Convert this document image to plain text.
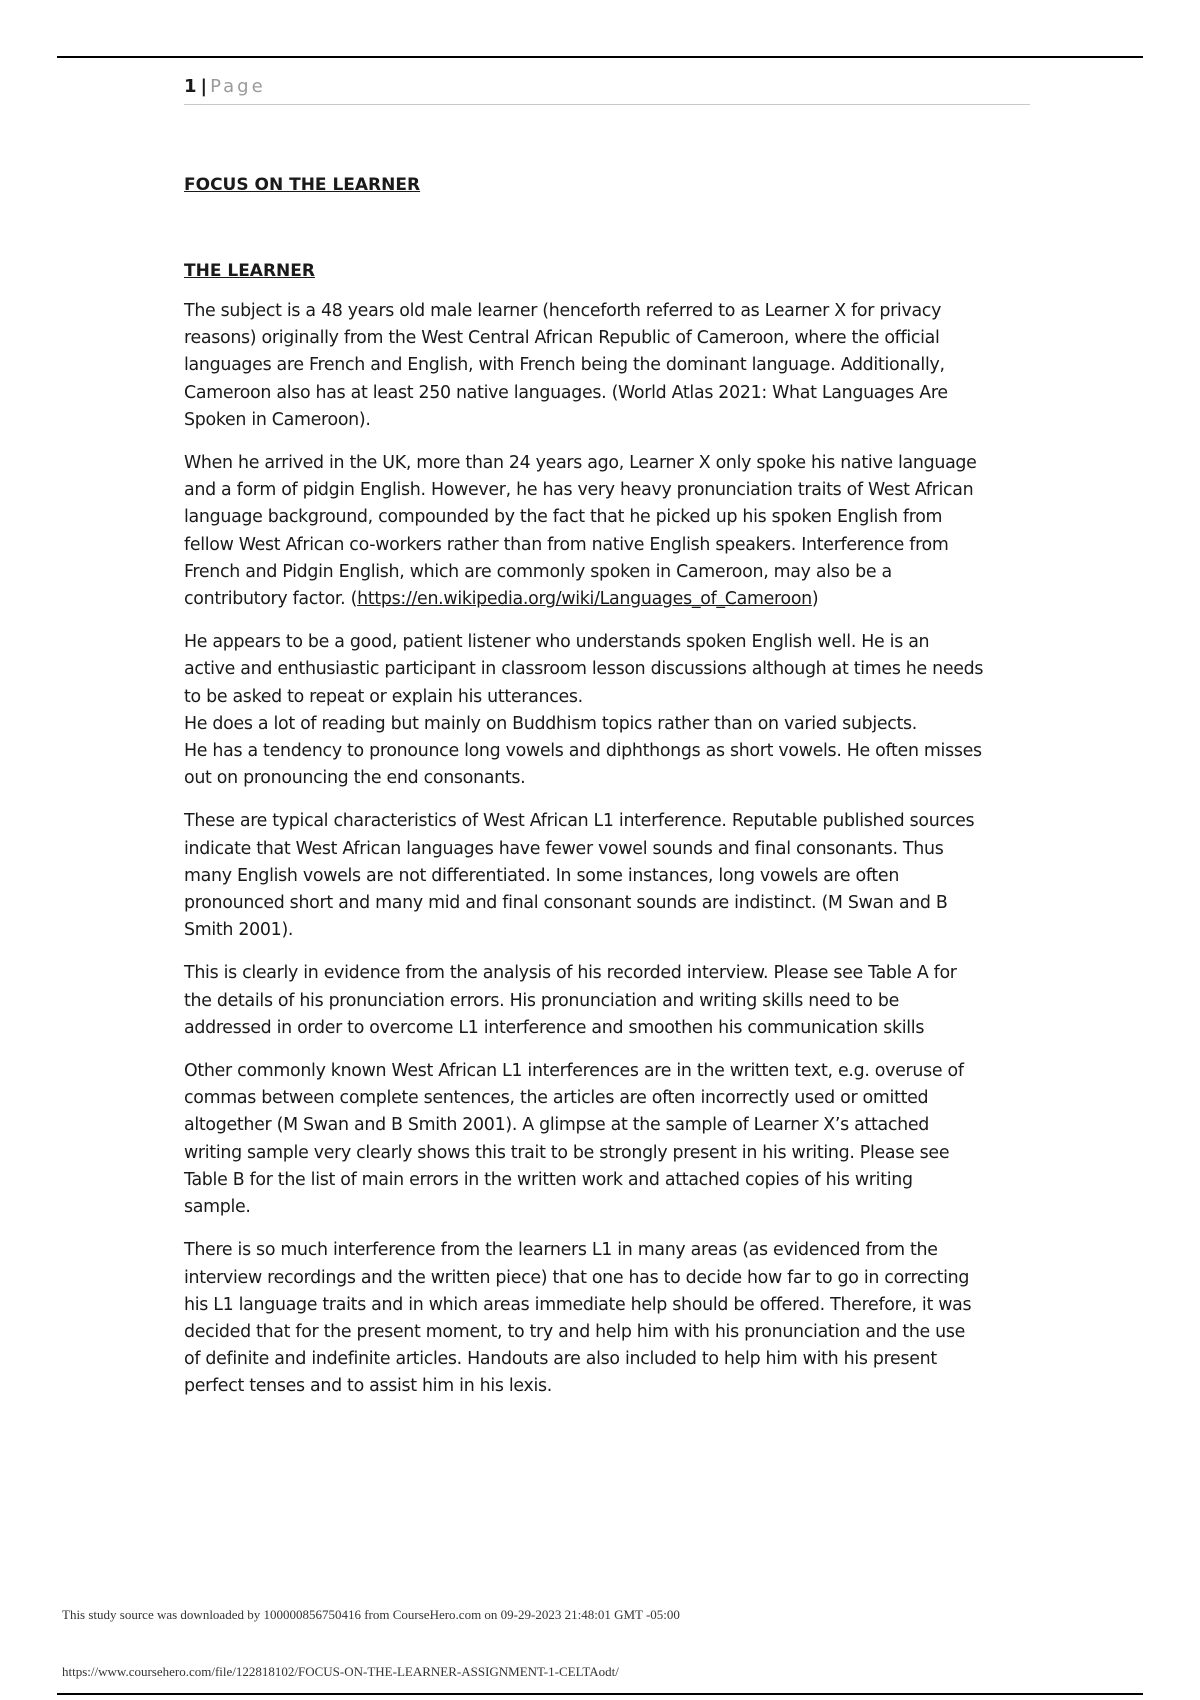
1 | Page
FOCUS ON THE LEARNER
THE LEARNER

The subject is a 48 years old male learner (henceforth referred to as Learner X for privacy
reasons) originally from the West Central African Republic of Cameroon, where the official
languages are French and English, with French being the dominant language. Additionally,
Cameroon also has at least 250 native languages. (World Atlas 2021: What Languages Are
Spoken in Cameroon).

When he arrived in the UK, more than 24 years ago, Learner X only spoke his native language
and a form of pidgin English. However, he has very heavy pronunciation traits of West African
language background, compounded by the fact that he picked up his spoken English from
fellow West African co-workers rather than from native English speakers. Interference from
French and Pidgin English, which are commonly spoken in Cameroon, may also be a
contributory factor. (https://en.wikipedia.org/wiki/Languages_of_Cameroon)

He appears to be a good, patient listener who understands spoken English well. He is an
active and enthusiastic participant in classroom lesson discussions although at times he needs
to be asked to repeat or explain his utterances.
He does a lot of reading but mainly on Buddhism topics rather than on varied subjects.
He has a tendency to pronounce long vowels and diphthongs as short vowels. He often misses
out on pronouncing the end consonants.

These are typical characteristics of West African L1 interference. Reputable published sources
indicate that West African languages have fewer vowel sounds and final consonants. Thus
many English vowels are not differentiated. In some instances, long vowels are often
pronounced short and many mid and final consonant sounds are indistinct. (M Swan and B
Smith 2001).

This is clearly in evidence from the analysis of his recorded interview. Please see Table A for
the details of his pronunciation errors. His pronunciation and writing skills need to be
addressed in order to overcome L1 interference and smoothen his communication skills

Other commonly known West African L1 interferences are in the written text, e.g. overuse of
commas between complete sentences, the articles are often incorrectly used or omitted
altogether (M Swan and B Smith 2001). A glimpse at the sample of Learner X’s attached
writing sample very clearly shows this trait to be strongly present in his writing. Please see
Table B for the list of main errors in the written work and attached copies of his writing
sample.

There is so much interference from the learners L1 in many areas (as evidenced from the
interview recordings and the written piece) that one has to decide how far to go in correcting
his L1 language traits and in which areas immediate help should be offered. Therefore, it was
decided that for the present moment, to try and help him with his pronunciation and the use
of definite and indefinite articles. Handouts are also included to help him with his present
perfect tenses and to assist him in his lexis.

This study source was downloaded by 100000856750416 from CourseHero.com on 09-29-2023 21:48:01 GMT -05:00
https://www.coursehero.com/file/122818102/FOCUS-ON-THE-LEARNER-ASSIGNMENT-1-CELTAodt/
